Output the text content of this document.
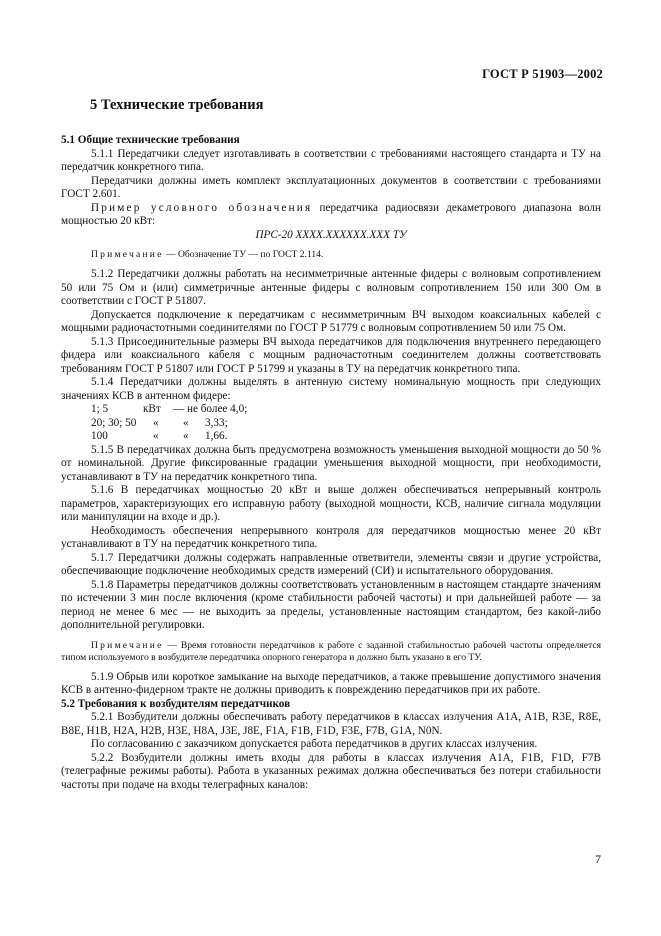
ГОСТ Р 51903—2002
5 Технические требования

5.1 Общие технические требования

5.1.1 Передатчики следует изготавливать в соответствии с требованиями настоящего стандарта и ТУ на передатчик конкретного типа.

Передатчики должны иметь комплект эксплуатационных документов в соответствии с требованиями ГОСТ 2.601.

Пример условного обозначения передатчика радиосвязи декаметрового диапазона волн мощностью 20 кВт:

ПРС-20 ХХХХ.ХХХХХХ.ХХХ ТУ

Примечание — Обозначение ТУ — по ГОСТ 2.114.

5.1.2 Передатчики должны работать на несимметричные антенные фидеры с волновым сопротивлением 50 или 75 Ом и (или) симметричные антенные фидеры с волновым сопротивлением 150 или 300 Ом в соответствии с ГОСТ Р 51807.

Допускается подключение к передатчикам с несимметричным ВЧ выходом коаксиальных кабелей с мощными радиочастотными соединителями по ГОСТ Р 51779 с волновым сопротивлением 50 или 75 Ом.

5.1.3 Присоединительные размеры ВЧ выхода передатчиков для подключения внутреннего передающего фидера или коаксиального кабеля с мощным радиочастотным соединителем должны соответствовать требованиям ГОСТ Р 51807 или ГОСТ Р 51799 и указаны в ТУ на передатчик конкретного типа.

5.1.4 Передатчики должны выделять в антенную систему номинальную мощность при следующих значениях КСВ в антенном фидере:

1; 5	кВт — не более 4,0;
20; 30; 50 « « 3,33;
100	« « 1,66.

5.1.5 В передатчиках должна быть предусмотрена возможность уменьшения выходной мощности до 50 % от номинальной. Другие фиксированные градации уменьшения выходной мощности, при необходимости, устанавливают в ТУ на передатчик конкретного типа.

5.1.6 В передатчиках мощностью 20 кВт и выше должен обеспечиваться непрерывный контроль параметров, характеризующих его исправную работу (выходной мощности, КСВ, наличие сигнала модуляции или манипуляции на входе и др.).

Необходимость обеспечения непрерывного контроля для передатчиков мощностью менее 20 кВт устанавливают в ТУ на передатчик конкретного типа.

5.1.7 Передатчики должны содержать направленные ответвители, элементы связи и другие устройства, обеспечивающие подключение необходимых средств измерений (СИ) и испытательного оборудования.

5.1.8 Параметры передатчиков должны соответствовать установленным в настоящем стандарте значениям по истечении 3 мин после включения (кроме стабильности рабочей частоты) и при дальнейшей работе — за период не менее 6 мес — не выходить за пределы, установленные настоящим стандартом, без какой-либо дополнительной регулировки.

Примечание — Время готовности передатчиков к работе с заданной стабильностью рабочей частоты определяется типом используемого в возбудителе передатчика опорного генератора и должно быть указано в его ТУ.

5.1.9 Обрыв или короткое замыкание на выходе передатчиков, а также превышение допустимого значения КСВ в антенно-фидерном тракте не должны приводить к повреждению передатчиков при их работе.

5.2 Требования к возбудителям передатчиков

5.2.1 Возбудители должны обеспечивать работу передатчиков в классах излучения A1A, A1B, R3E, R8E, B8E, H1B, H2A, H2B, H3E, H8A, J3E, J8E, F1A, F1B, F1D, F3E, F7B, G1A, N0N.

По согласованию с заказчиком допускается работа передатчиков в других классах излучения.

5.2.2 Возбудители должны иметь входы для работы в классах излучения A1A, F1B, F1D, F7B (телеграфные режимы работы). Работа в указанных режимах должна обеспечиваться без потери стабильности частоты при подаче на входы телеграфных каналов:

7
